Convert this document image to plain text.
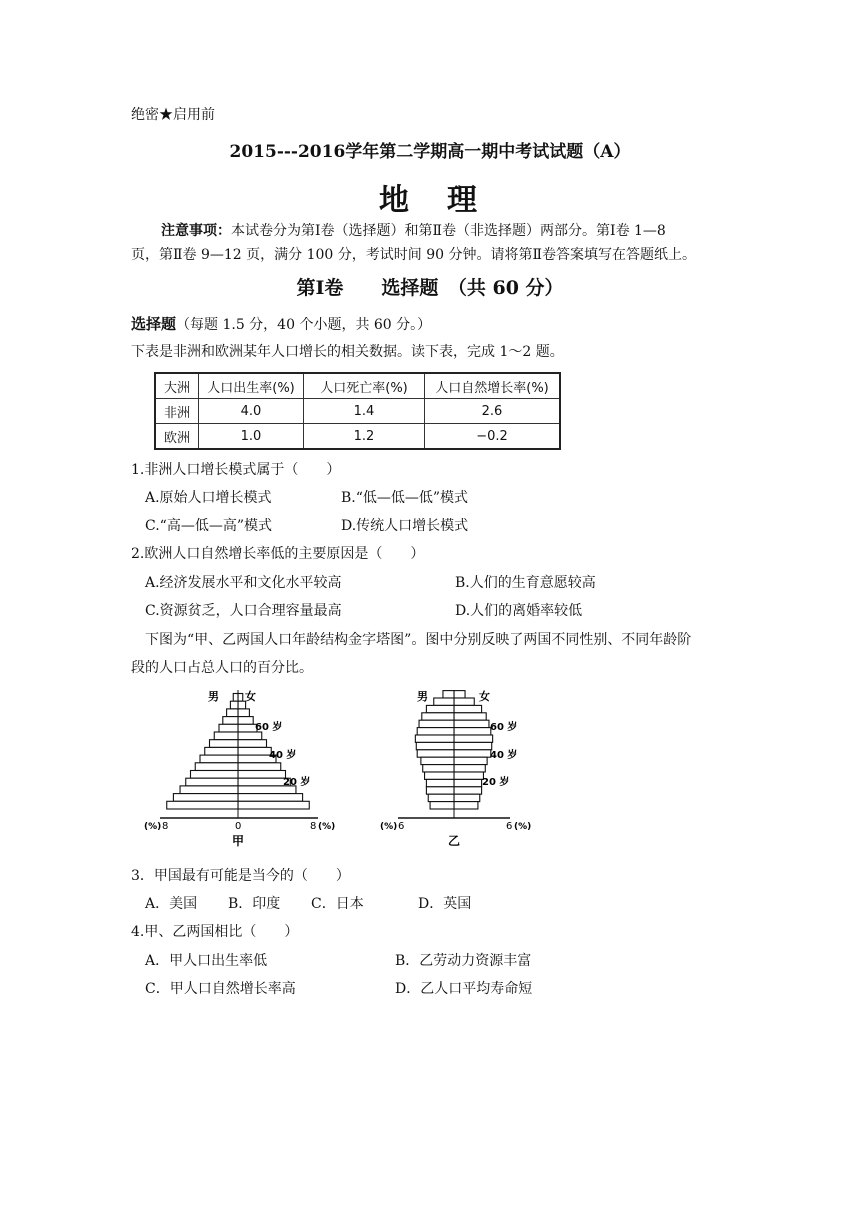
绝密★启用前
2015---2016学年第二学期高一期中考试试题（A）
地　理
注意事项：本试卷分为第Ⅰ卷（选择题）和第Ⅱ卷（非选择题）两部分。第Ⅰ卷 1—8
页，第Ⅱ卷 9—12 页，满分 100 分，考试时间 90 分钟。请将第Ⅱ卷答案填写在答题纸上。
第Ⅰ卷　　选择题　（共 60 分）
选择题（每题 1.5 分，40 个小题，共 60 分。）
下表是非洲和欧洲某年人口增长的相关数据。读下表，完成 1～2 题。
大洲	人口出生率(%)	人口死亡率(%)	人口自然增长率(%)
非洲	4.0	1.4	2.6
欧洲	1.0	1.2	−0.2
1.非洲人口增长模式属于（　　）
A.原始人口增长模式	B.“低—低—低”模式
C.“高—低—高”模式	D.传统人口增长模式
2.欧洲人口自然增长率低的主要原因是（　　）
A.经济发展水平和文化水平较高	B.人们的生育意愿较高
C.资源贫乏，人口合理容量最高	D.人们的离婚率较低
下图为“甲、乙两国人口年龄结构金字塔图”。图中分别反映了两国不同性别、不同年龄阶
段的人口占总人口的百分比。
男 女
60 岁
40 岁
20 岁
(%) 8	0	8 (%)
甲
男	女
60 岁
40 岁
20 岁
(%) 6	6 (%)
乙
3．甲国最有可能是当今的（　　）
A．美国 B．印度 C．日本	D．英国
4.甲、乙两国相比（　　）
A．甲人口出生率低	B．乙劳动力资源丰富
C．甲人口自然增长率高	D．乙人口平均寿命短
